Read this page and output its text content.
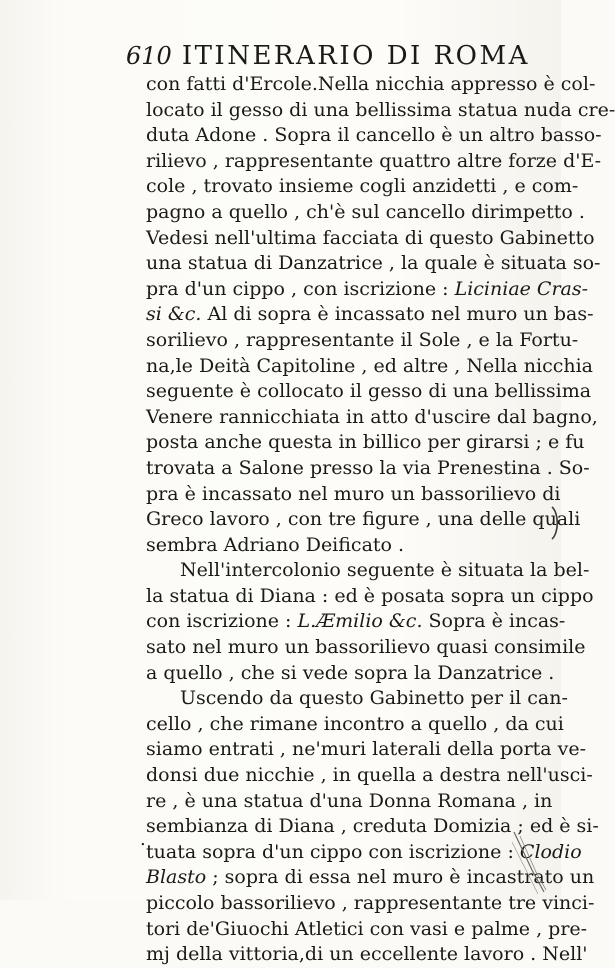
610 ITINERARIO DI ROMA
con fatti d'Ercole.Nella nicchia appresso è col-
locato il gesso di una bellissima statua nuda cre-
duta Adone . Sopra il cancello è un altro basso-
rilievo , rappresentante quattro altre forze d'E-
cole , trovato insieme cogli anzidetti , e com-
pagno a quello , ch'è sul cancello dirimpetto .
Vedesi nell'ultima facciata di questo Gabinetto
una statua di Danzatrice , la quale è situata so-
pra d'un cippo , con iscrizione : Liciniae Cras-
si &c. Al di sopra è incassato nel muro un bas-
sorilievo , rappresentante il Sole , e la Fortu-
na,le Deità Capitoline , ed altre , Nella nicchia
seguente è collocato il gesso di una bellissima
Venere rannicchiata in atto d'uscire dal bagno,
posta anche questa in billico per girarsi ; e fu
trovata a Salone presso la via Prenestina . So-
pra è incassato nel muro un bassorilievo di
Greco lavoro , con tre figure , una delle quali
sembra Adriano Deificato .
Nell'intercolonio seguente è situata la bel-
la statua di Diana : ed è posata sopra un cippo
con iscrizione : L.Æmilio &c. Sopra è incas-
sato nel muro un bassorilievo quasi consimile
a quello , che si vede sopra la Danzatrice .
Uscendo da questo Gabinetto per il can-
cello , che rimane incontro a quello , da cui
siamo entrati , ne'muri laterali della porta ve-
donsi due nicchie , in quella a destra nell'usci-
re , è una statua d'una Donna Romana , in
sembianza di Diana , creduta Domizia ; ed è si-
tuata sopra d'un cippo con iscrizione : Clodio
Blasto ; sopra di essa nel muro è incastrato un
piccolo bassorilievo , rappresentante tre vinci-
tori de'Giuochi Atletici con vasi e palme , pre-
mj della vittoria,di un eccellente lavoro . Nell'
.
